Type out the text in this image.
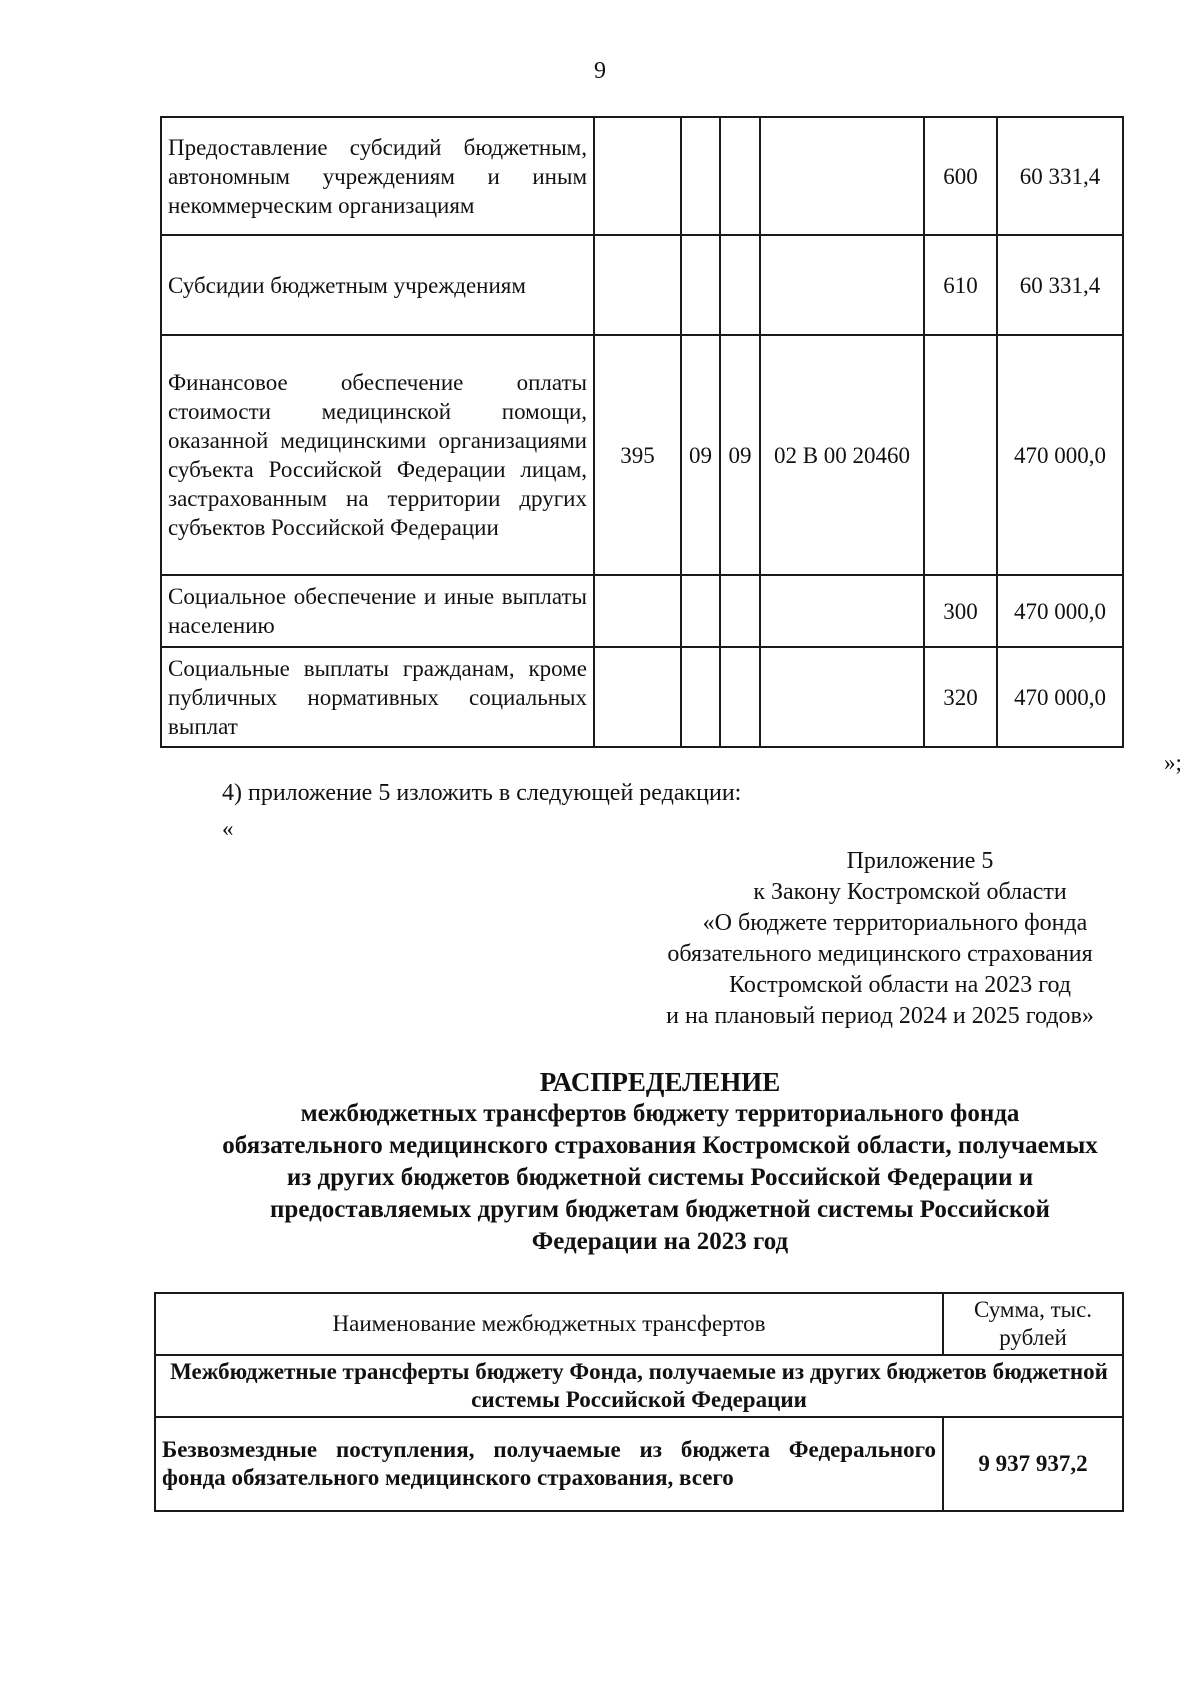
9
Предоставление субсидий бюджетным, автономным учреждениям и иным некоммерческим организациям					600	60 331,4
Субсидии бюджетным учреждениям					610	60 331,4
Финансовое обеспечение оплаты стоимости медицинской помощи, оказанной медицинскими организациями субъекта Российской Федерации лицам, застрахованным на территории других субъектов Российской Федерации	395	09	09	02 В 00 20460		470 000,0
Социальное обеспечение и иные выплаты населению					300	470 000,0
Социальные выплаты гражданам, кроме публичных нормативных социальных выплат					320	470 000,0
»;
4) приложение 5 изложить в следующей редакции:
«
Приложение 5
к Закону Костромской области
«О бюджете территориального фонда
обязательного медицинского страхования
Костромской области на 2023 год
и на плановый период 2024 и 2025 годов»
РАСПРЕДЕЛЕНИЕ
межбюджетных трансфертов бюджету территориального фонда
обязательного медицинского страхования Костромской области, получаемых
из других бюджетов бюджетной системы Российской Федерации и
предоставляемых другим бюджетам бюджетной системы Российской
Федерации на 2023 год
Наименование межбюджетных трансфертов	Сумма, тыс. рублей
Межбюджетные трансферты бюджету Фонда, получаемые из других бюджетов бюджетной системы Российской Федерации	
Безвозмездные поступления, получаемые из бюджета Федерального фонда обязательного медицинского страхования, всего	9 937 937,2
